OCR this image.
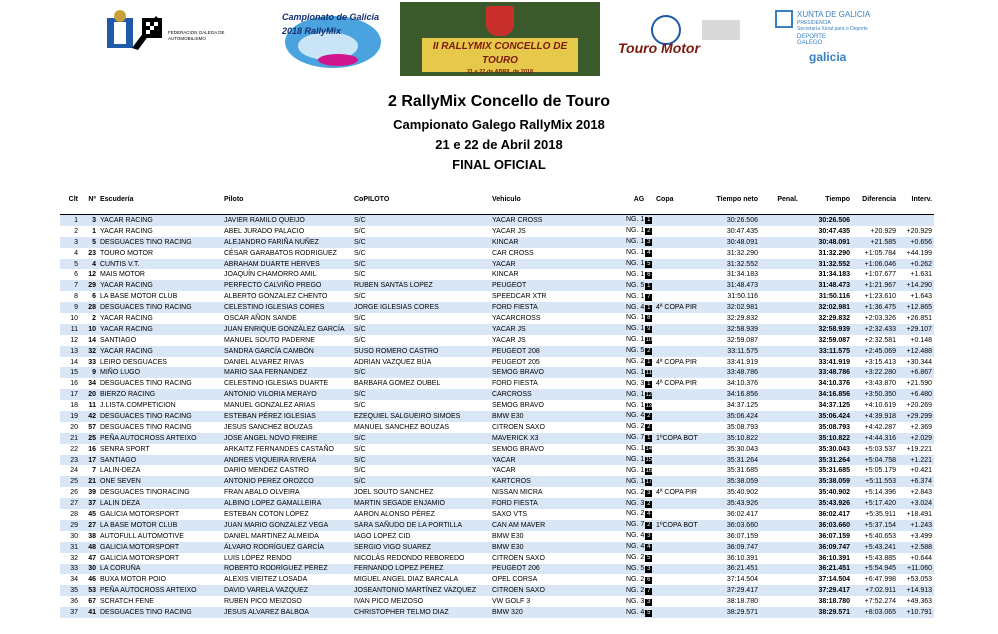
FEDERACION GALEGA DE AUTOMOBILISMO
Campionato de Galicia 2018 RallyMix
II RALLYMIX CONCELLO DE TOURO
21 e 22 de ABRIL de 2018
Touro Motor
XUNTA DE GALICIA
PRESIDENCIA
Secretaría Xeral para o Deporte
DEPORTE GALEGO
galicia
2 RallyMix Concello de Touro
Campionato Galego RallyMix 2018
21 e 22 de Abril 2018
FINAL OFICIAL
Clt	Nº	Escudería	Piloto	CoPILOTO	Vehiculo	AG	Copa	Tiempo neto	Penal.	Tiempo	Diferencia	Interv.

1	3	YACAR RACING	JAVIER RAMILO QUEIJO	S/C	YACAR CROSS	NG. 1 1		30:26.506		30:26.506		
2	1	YACAR RACING	ABEL JURADO PALACIO	S/C	YACAR JS	NG. 1 2		30:47.435		30:47.435	+20.929	+20.929
3	5	DESGUACES TINO RACING	ALEJANDRO FARIÑA NUÑEZ	S/C	KINCAR	NG. 1 3		30:48.091		30:48.091	+21.585	+0.656
4	23	TOURO MOTOR	CÉSAR GARABATOS RODRIGUEZ	S/C	CAR CROSS	NG. 1 4		31:32.290		31:32.290	+1:05.784	+44.199
5	4	CUNTIS V.T.	ABRAHAM DUARTE HERVES	S/C	YACAR	NG. 1 5		31:32.552		31:32.552	+1:06.046	+0.262
6	12	MAIS MOTOR	JOAQUÍN CHAMORRO AMIL	S/C	KINCAR	NG. 1 6		31:34.183		31:34.183	+1:07.677	+1.631
7	29	YACAR RACING	PERFECTO CALVIÑO PREGO	RUBEN SANTAS LOPEZ	PEUGEOT	NG. 5 1		31:48.473		31:48.473	+1:21.967	+14.290
8	6	LA BASE MOTOR CLUB	ALBERTO GONZALEZ CHENTO	S/C	SPEEDCAR XTR	NG. 1 7		31:50.116		31:50.116	+1:23.610	+1.643
9	28	DESGUACES TINO RACING	CELESTINO IGLESIAS CORES	JORGE IGLESIAS CORES	FORD FIESTA	NG. 4 1	4ª COPA PIR	32:02.981		32:02.981	+1:36.475	+12.865
10	2	YACAR RACING	OSCAR AÑON SANDE	S/C	YACARCROSS	NG. 1 8		32:29.832		32:29.832	+2:03.326	+26.851
11	10	YACAR RACING	JUAN ENRIQUE GONZÁLEZ GARCÍA	S/C	YACAR JS	NG. 1 9		32:58.939		32:58.939	+2:32.433	+29.107
12	14	SANTIAGO	MANUEL SOUTO PADERNE	S/C	YACAR JS	NG. 110		32:59.087		32:59.087	+2:32.581	+0.148
13	32	YACAR RACING	SANDRA GARCÍA CAMBÓN	SUSO ROMERO CASTRO	PEUGEOT 208	NG. 5 2		33:11.575		33:11.575	+2:45.069	+12.488
14	33	LEIRO DESGUACES	DANIEL ALVAREZ RIVAS	ADRIAN VAZQUEZ BÚA	PEUGEOT 205	NG. 2 1	4ª COPA PIR	33:41.919		33:41.919	+3:15.413	+30.344
15	9	MIÑO LUGO	MARIO SAA FERNANDEZ	S/C	SEMOG BRAVO	NG. 111		33:48.786		33:48.786	+3:22.280	+6.867
16	34	DESGUACES TINO RACING	CELESTINO IGLESIAS DUARTE	BARBARA GOMEZ OUBEL	FORD FIESTA	NG. 3 1	4ª COPA PIR	34:10.376		34:10.376	+3:43.870	+21.590
17	20	BIERZO RACING	ANTONIO VILORIA MERAYO	S/C	CARCROSS	NG. 112		34:16.856		34:16.856	+3:50.350	+6.480
18	11	J.LISTA.COMPETICION	MANUEL GONZALEZ ARIAS	S/C	SEMOG BRAVO	NG. 113		34:37.125		34:37.125	+4:10.619	+20.269
19	42	DESGUACES TINO RACING	ESTEBAN PÉREZ IGLESIAS	EZEQUIEL SALGUEIRO SIMOES	BMW E30	NG. 4 2		35:06.424		35:06.424	+4:39.918	+29.299
20	57	DESGUACES TINO RACING	JESUS SANCHEZ BOUZAS	MANUEL SANCHEZ BOUZAS	CITROEN SAXO	NG. 2 2		35:08.793		35:08.793	+4:42.287	+2.369
21	25	PEÑA AUTOCROSS ARTEIXO	JOSE ANGEL NOVO FREIRE	S/C	MAVERICK X3	NG. 7 1	1ºCOPA BOT	35:10.822		35:10.822	+4:44.316	+2.029
22	16	SENRA SPORT	ARKAITZ FERNANDES CASTAÑO	S/C	SEMOG BRAVO	NG. 114		35:30.043		35:30.043	+5:03.537	+19.221
23	17	SANTIAGO	ANDRES VIQUEIRA RIVERA	S/C	YACAR	NG. 115		35:31.264		35:31.264	+5:04.758	+1.221
24	7	LALIN-DEZA	DARIO MENDEZ CASTRO	S/C	YACAR	NG. 116		35:31.685		35:31.685	+5:05.179	+0.421
25	21	ONE SEVEN	ANTONIO PEREZ OROZCO	S/C	KARTCROS	NG. 117		35:38.059		35:38.059	+5:11.553	+6.374
26	39	DESGUACES TINORACING	FRAN ABALO OLVEIRA	JOEL SOUTO SANCHEZ	NISSAN MICRA	NG. 2 3	4ª COPA PIR	35:40.902		35:40.902	+5:14.396	+2.843
27	37	LALIN DEZA	ALBINO LOPEZ GAMALLEIRA	MARTIN SEGADE ENJAMIO	FORD FIESTA	NG. 3 2		35:43.926		35:43.926	+5:17.420	+3.024
28	45	GALICIA MOTORSPORT	ESTEBAN COTON LÓPEZ	AARON ALONSO PÉREZ	SAXO VTS	NG. 2 4		36:02.417		36:02.417	+5:35.911	+18.491
29	27	LA BASE MOTOR CLUB	JUAN MARIO GONZALEZ VEGA	SARA SAÑUDO DE LA PORTILLA	CAN AM MAVER	NG. 7 2	1ºCOPA BOT	36:03.660		36:03.660	+5:37.154	+1.243
30	38	AUTOFULL AUTOMOTIVE	DANIEL MARTINEZ ALMEIDA	IAGO LOPEZ CID	BMW E30	NG. 4 3		36:07.159		36:07.159	+5:40.653	+3.499
31	48	GALICIA MOTORSPORT	ÁLVARO RODRÍGUEZ GARCÍA	SERGIO VIGO SUAREZ	BMW E30	NG. 4 4		36:09.747		36:09.747	+5:43.241	+2.588
32	47	GALICIA MOTORSPORT	LUIS LÓPEZ RENDO	NICOLÁS REDONDO REBOREDO	CITROEN SAXO	NG. 2 5		36:10.391		36:10.391	+5:43.885	+0.644
33	30	LA CORUÑA	ROBERTO RODRÍGUEZ PÉREZ	FERNANDO LÓPEZ PÉREZ	PEUGEOT 206	NG. 5 3		36:21.451		36:21.451	+5:54.945	+11.060
34	46	BUXA MOTOR POIO	ALEXIS VIEITEZ LOSADA	MIGUEL ANGEL DIAZ BARCALA	OPEL CORSA	NG. 2 6		37:14.504		37:14.504	+6:47.998	+53.053
35	53	PEÑA AUTOCROSS ARTEIXO	DAVID VARELA VAZQUEZ	JOSEANTONIO MARTÍNEZ VAZQUEZ	CITROEN SAXO	NG. 2 7		37:29.417		37:29.417	+7:02.911	+14.913
36	67	SCRATCH FENE	RUBEN PICO MEIZOSO	IVAN PICO MEIZOSO	VW GOLF 3	NG. 3 3		38:18.780		38:18.780	+7:52.274	+49.363
37	41	DESGUACES TINO RACING	JESUS ALVAREZ BALBOA	CHRISTOPHER TELMO DIAZ	BMW 320	NG. 4 5		38:29.571		38:29.571	+8:03.065	+10.791
